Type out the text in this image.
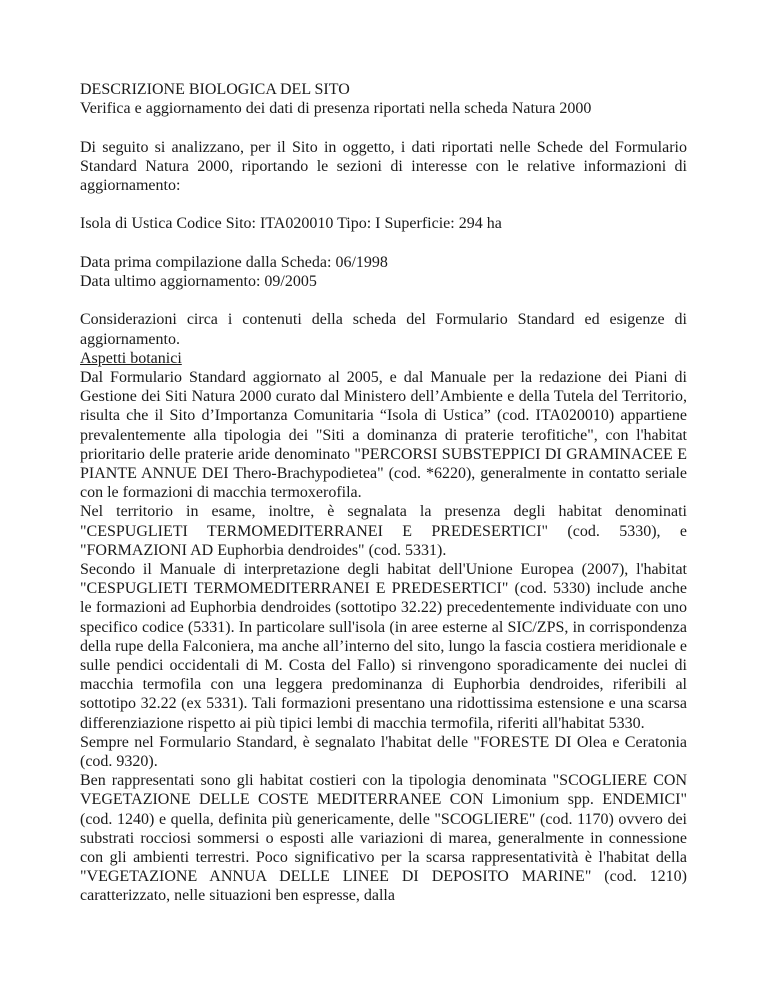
DESCRIZIONE BIOLOGICA DEL SITO

Verifica e aggiornamento dei dati di presenza riportati nella scheda Natura 2000

Di seguito si analizzano, per il Sito in oggetto, i dati riportati nelle Schede del Formulario Standard Natura 2000, riportando le sezioni di interesse con le relative informazioni di aggiornamento:

Isola di Ustica Codice Sito: ITA020010 Tipo: I Superficie: 294 ha

Data prima compilazione dalla Scheda: 06/1998

Data ultimo aggiornamento: 09/2005

Considerazioni circa i contenuti della scheda del Formulario Standard ed esigenze di aggiornamento.

Aspetti botanici

Dal Formulario Standard aggiornato al 2005, e dal Manuale per la redazione dei Piani di Gestione dei Siti Natura 2000 curato dal Ministero dell’Ambiente e della Tutela del Territorio, risulta che il Sito d’Importanza Comunitaria “Isola di Ustica” (cod. ITA020010) appartiene prevalentemente alla tipologia dei "Siti a dominanza di praterie terofitiche", con l'habitat prioritario delle praterie aride denominato "PERCORSI SUBSTEPPICI DI GRAMINACEE E PIANTE ANNUE DEI Thero-Brachypodietea" (cod. *6220), generalmente in contatto seriale con le formazioni di macchia termoxerofila.

Nel territorio in esame, inoltre, è segnalata la presenza degli habitat denominati "CESPUGLIETI TERMOMEDITERRANEI E PREDESERTICI" (cod. 5330), e "FORMAZIONI AD Euphorbia dendroides" (cod. 5331).

Secondo il Manuale di interpretazione degli habitat dell'Unione Europea (2007), l'habitat "CESPUGLIETI TERMOMEDITERRANEI E PREDESERTICI" (cod. 5330) include anche le formazioni ad Euphorbia dendroides (sottotipo 32.22) precedentemente individuate con uno specifico codice (5331). In particolare sull'isola (in aree esterne al SIC/ZPS, in corrispondenza della rupe della Falconiera, ma anche all’interno del sito, lungo la fascia costiera meridionale e sulle pendici occidentali di M. Costa del Fallo) si rinvengono sporadicamente dei nuclei di macchia termofila con una leggera predominanza di Euphorbia dendroides, riferibili al sottotipo 32.22 (ex 5331). Tali formazioni presentano una ridottissima estensione e una scarsa differenziazione rispetto ai più tipici lembi di macchia termofila, riferiti all'habitat 5330.

Sempre nel Formulario Standard, è segnalato l'habitat delle "FORESTE DI Olea e Ceratonia (cod. 9320).

Ben rappresentati sono gli habitat costieri con la tipologia denominata "SCOGLIERE CON VEGETAZIONE DELLE COSTE MEDITERRANEE CON Limonium spp. ENDEMICI" (cod. 1240) e quella, definita più genericamente, delle "SCOGLIERE" (cod. 1170) ovvero dei substrati rocciosi sommersi o esposti alle variazioni di marea, generalmente in connessione con gli ambienti terrestri. Poco significativo per la scarsa rappresentatività è l'habitat della "VEGETAZIONE ANNUA DELLE LINEE DI DEPOSITO MARINE" (cod. 1210) caratterizzato, nelle situazioni ben espresse, dalla
